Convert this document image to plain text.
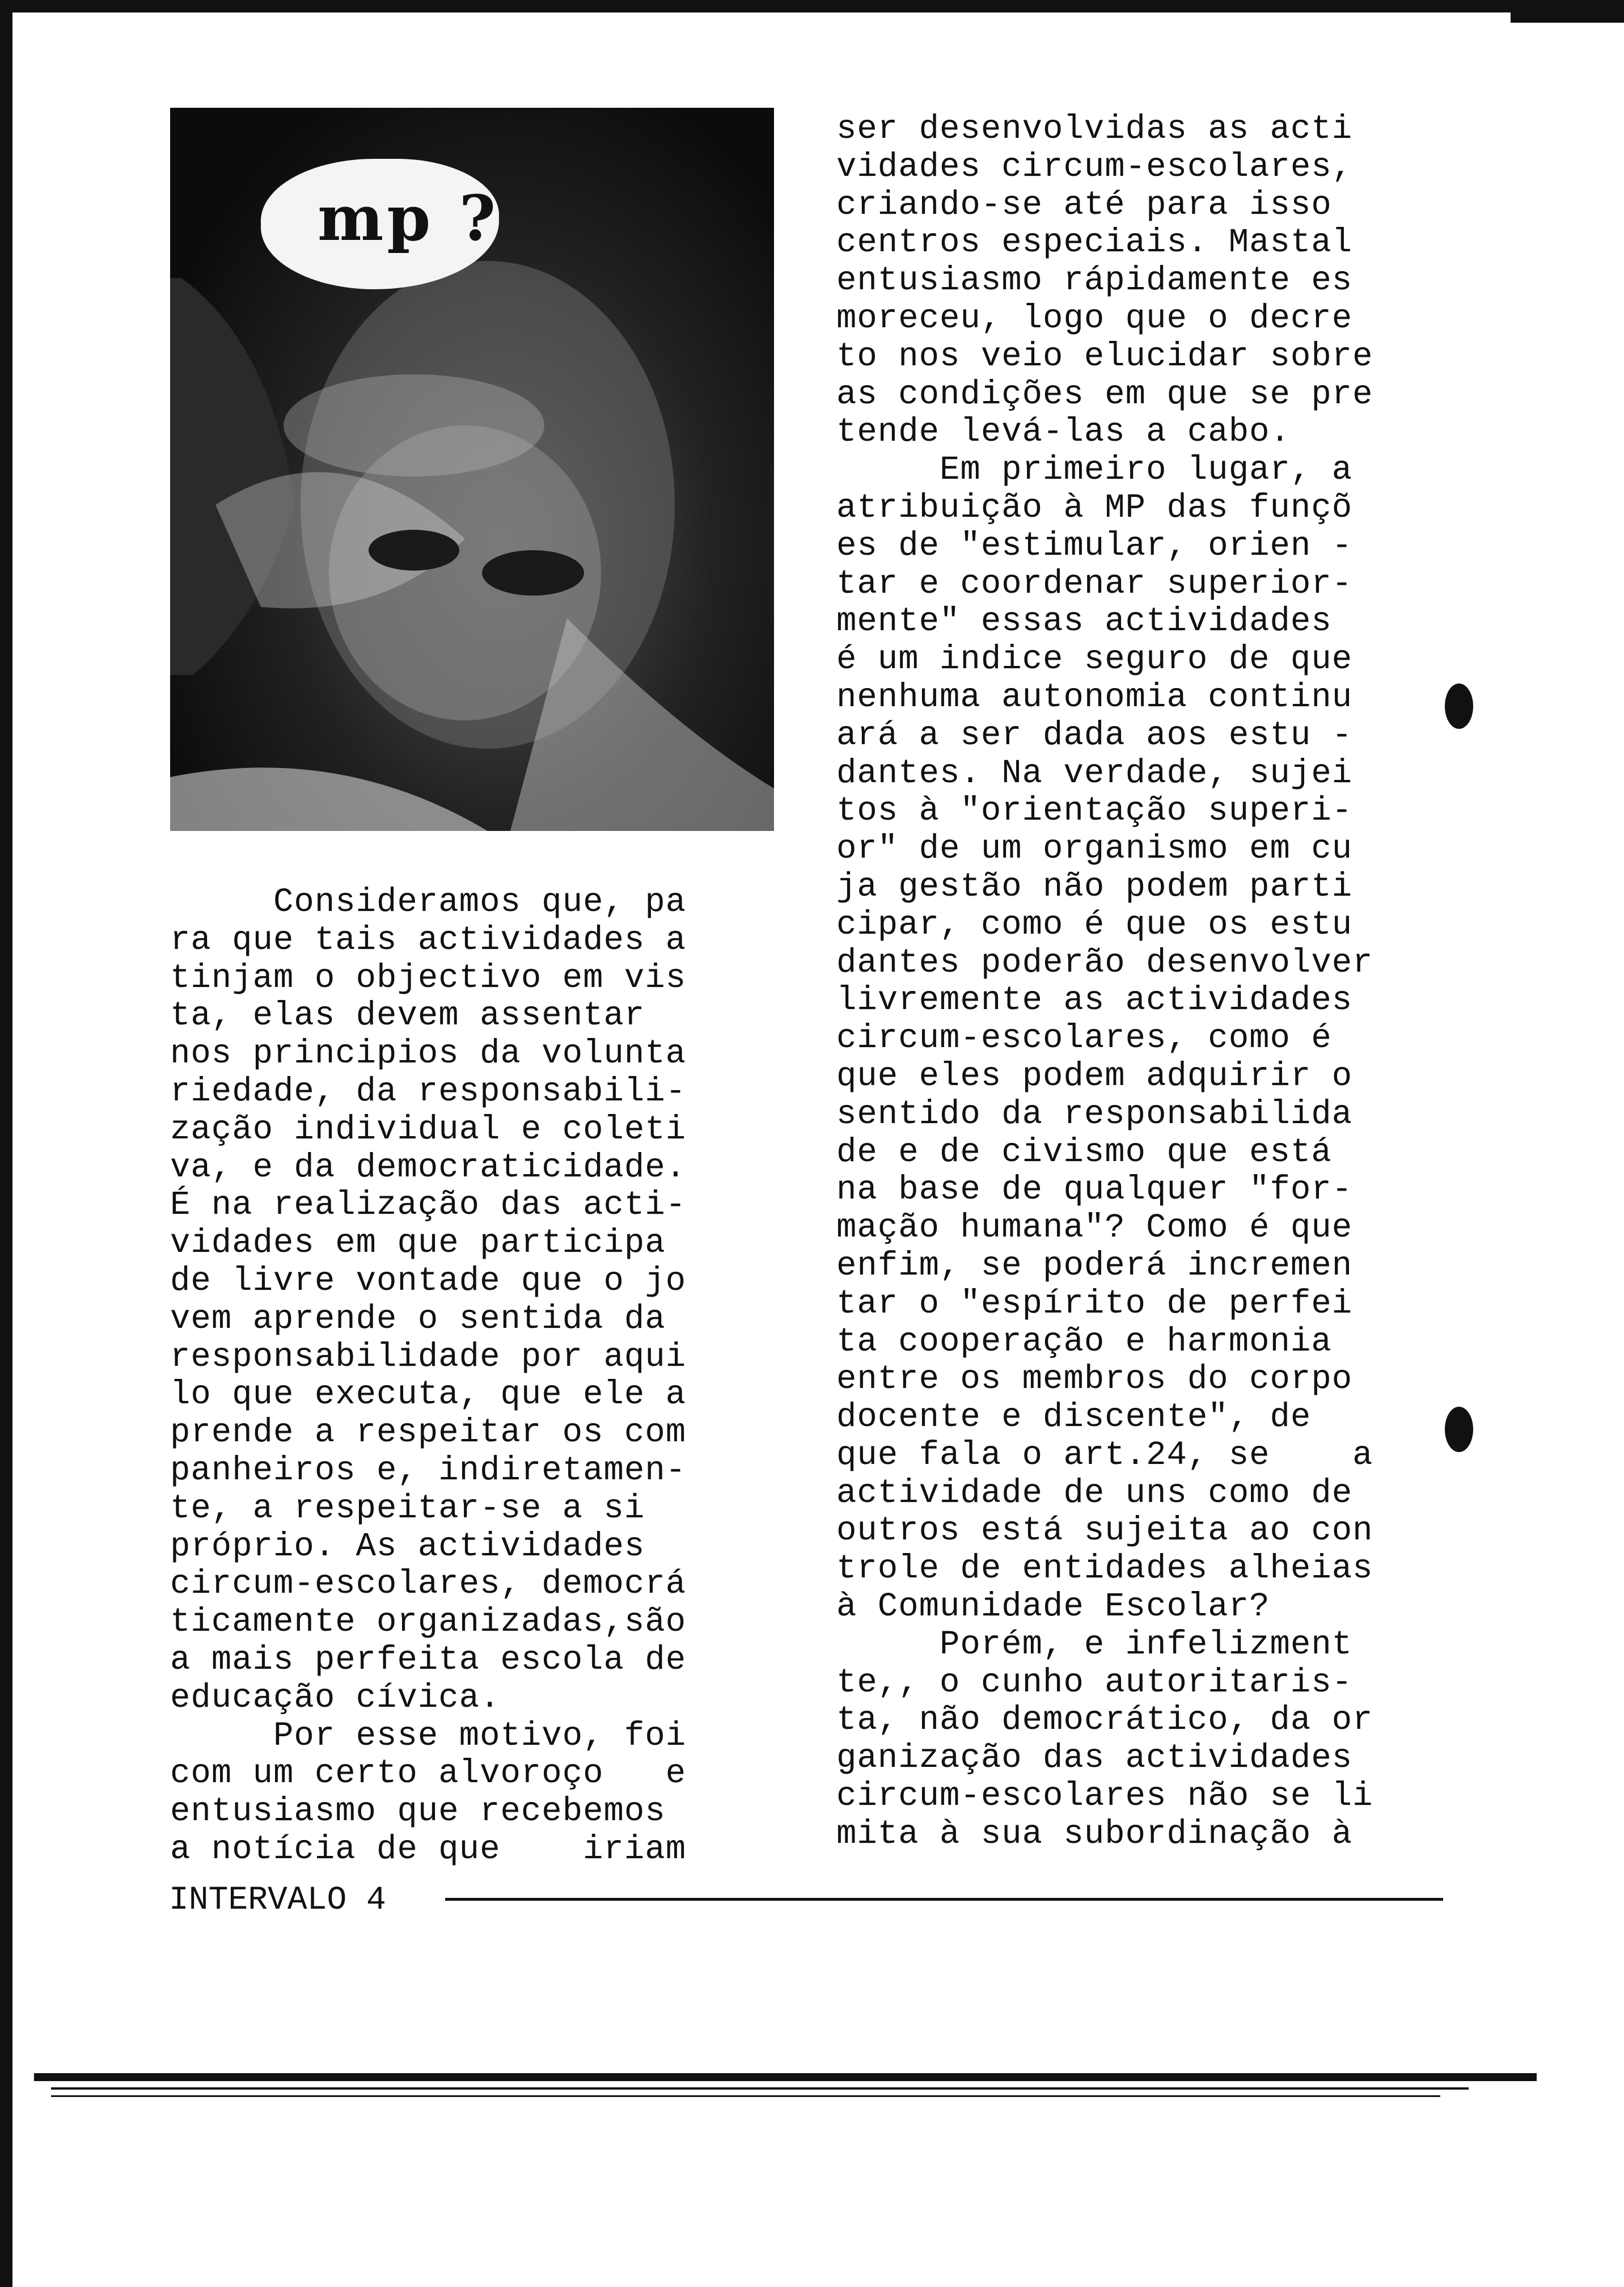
mp ?
Consideramos que, pa
ra que tais actividades a
tinjam o objectivo em vis
ta, elas devem assentar
nos principios da volunta
riedade, da responsabili-
zação individual e coleti
va, e da democraticidade.
É na realização das acti-
vidades em que participa
de livre vontade que o jo
vem aprende o sentida da
responsabilidade por aqui
lo que executa, que ele a
prende a respeitar os com
panheiros e, indiretamen-
te, a respeitar-se a si
próprio. As actividades
circum-escolares, democrá
ticamente organizadas,são
a mais perfeita escola de
educação cívica.
Por esse motivo, foi
com um certo alvoroço   e
entusiasmo que recebemos
a notícia de que    iriam
ser desenvolvidas as acti
vidades circum-escolares,
criando-se até para isso
centros especiais. Mastal
entusiasmo rápidamente es
moreceu, logo que o decre
to nos veio elucidar sobre
as condições em que se pre
tende levá-las a cabo.
Em primeiro lugar, a
atribuição à MP das funçõ
es de "estimular, orien -
tar e coordenar superior-
mente" essas actividades
é um indice seguro de que
nenhuma autonomia continu
ará a ser dada aos estu -
dantes. Na verdade, sujei
tos à "orientação superi-
or" de um organismo em cu
ja gestão não podem parti
cipar, como é que os estu
dantes poderão desenvolver
livremente as actividades
circum-escolares, como é
que eles podem adquirir o
sentido da responsabilida
de e de civismo que está
na base de qualquer "for-
mação humana"? Como é que
enfim, se poderá incremen
tar o "espírito de perfei
ta cooperação e harmonia
entre os membros do corpo
docente e discente", de
que fala o art.24, se    a
actividade de uns como de
outros está sujeita ao con
trole de entidades alheias
à Comunidade Escolar?
Porém, e infelizment
te,, o cunho autoritaris-
ta, não democrático, da or
ganização das actividades
circum-escolares não se li
mita à sua subordinação à
INTERVALO 4
